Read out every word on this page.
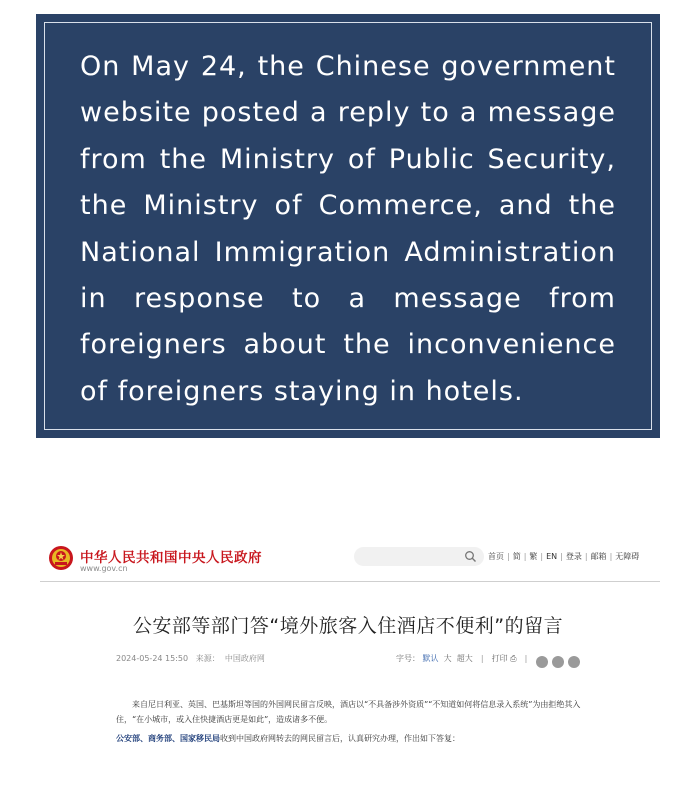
On May 24, the Chinese government website posted a reply to a message from the Ministry of Public Security, the Ministry of Commerce, and the National Immigration Administration in response to a message from foreigners about the inconvenience of foreigners staying in hotels.
中华人民共和国中央人民政府
www.gov.cn
首页 | 简 | 繁 | EN | 登录 | 邮箱 | 无障碍
公安部等部门答“境外旅客入住酒店不便利”的留言
2024-05-24 15:50 来源： 中国政府网	字号： 默认 大 超大  |  打印 ⎙  |
来自尼日利亚、英国、巴基斯坦等国的外国网民留言反映，酒店以“不具备涉外资质”“不知道如何将信息录入系统”为由拒绝其入住，“在小城市，或入住快捷酒店更是如此”，造成诸多不便。
公安部、商务部、国家移民局收到中国政府网转去的网民留言后，认真研究办理，作出如下答复：
